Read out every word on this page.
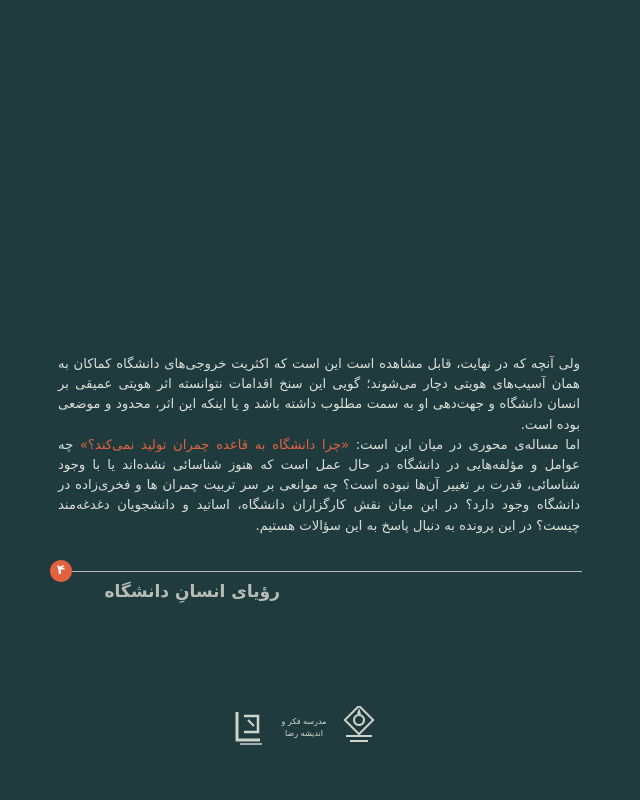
ولی آنچه که در نهایت، قابل مشاهده است این است که اکثریت خروجی‌های دانشگاه کماکان به همان آسیب‌های هویتی دچار می‌شوند؛ گویی این سنخ اقدامات نتوانسته اثر هویتی عمیقی بر انسان دانشگاه و جهت‌دهی او به سمت مطلوب داشته باشد و یا اینکه این اثر، محدود و موضعی بوده است.

اما مساله‌ی محوری در میان این است: «چرا دانشگاه به قاعده چمران تولید نمی‌کند؟» چه عوامل و مؤلفه‌هایی در دانشگاه در حال عمل است که هنوز شناسائی نشده‌اند یا با وجود شناسائی، قدرت بر تغییر آن‌ها نبوده است؟ چه موانعی بر سر تربیت چمران ها و فخری‌زاده در دانشگاه وجود دارد؟ در این میان نقش کارگزاران دانشگاه، اساتید و دانشجویان دغدغه‌مند چیست؟ در این پرونده به دنبال پاسخ به این سؤالات هستیم.

۴
رؤیای انسانِ دانشگاه
مدرسه فکر و اندیشه رضا
